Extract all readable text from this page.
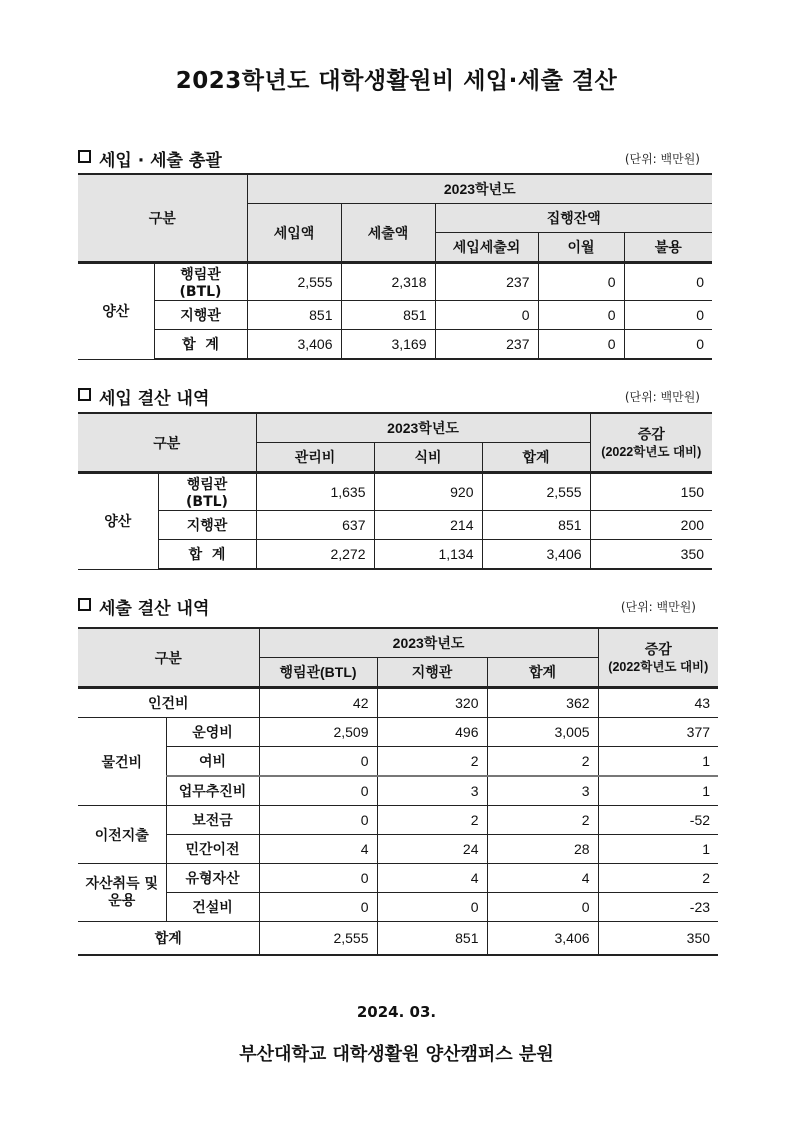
2023학년도 대학생활원비 세입·세출 결산
세입 · 세출 총괄	(단위: 백만원)
구분		2023학년도				
		세입액	세출액	집행잔액		
				세입세출외	이월	불용
양산	행림관(BTL)	2,555	2,318	237	0	0
	지행관	851	851	0	0	0
	합  계	3,406	3,169	237	0	0
세입 결산 내역	(단위: 백만원)
구분		2023학년도			증감
(2022학년도 대비)

		관리비	식비	합계	
양산	행림관(BTL)	1,635	920	2,555	150
	지행관	637	214	851	200
	합  계	2,272	1,134	3,406	350
세출 결산 내역	(단위: 백만원)
구분		2023학년도			증감
(2022학년도 대비)

		행림관(BTL)	지행관	합계	
인건비		42	320	362	43
물건비	운영비	2,509	496	3,005	377
	여비	0	2	2	1
	업무추진비	0	3	3	1
이전지출	보전금	0	2	2	-52
	민간이전	4	24	28	1
자산취득 및 운용	유형자산	0	4	4	2
	건설비	0	0	0	-23
합계		2,555	851	3,406	350
2024. 03.
부산대학교 대학생활원 양산캠퍼스 분원
